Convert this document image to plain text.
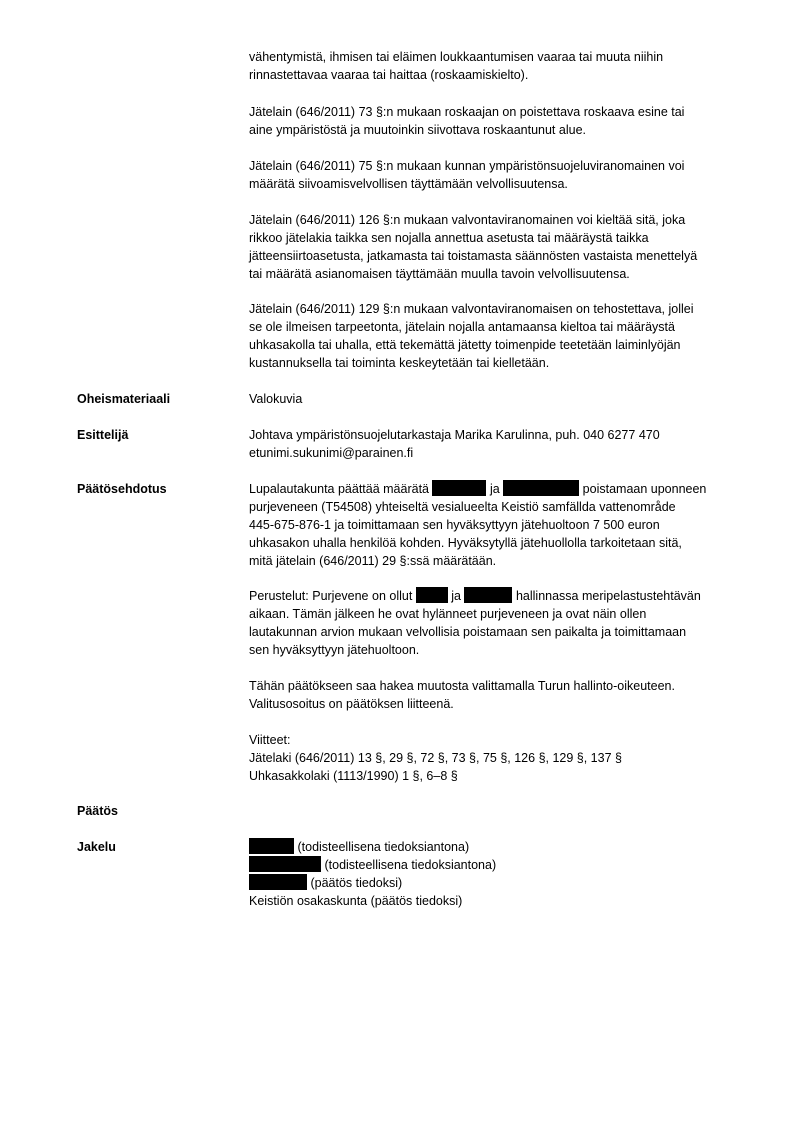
vähentymistä, ihmisen tai eläimen loukkaantumisen vaaraa tai muuta niihin
rinnastettavaa vaaraa tai haittaa (roskaamiskielto).
Jätelain (646/2011) 73 §:n mukaan roskaajan on poistettava roskaava esine tai
aine ympäristöstä ja muutoinkin siivottava roskaantunut alue.
Jätelain (646/2011) 75 §:n mukaan kunnan ympäristönsuojeluviranomainen voi
määrätä siivoamisvelvollisen täyttämään velvollisuutensa.
Jätelain (646/2011) 126 §:n mukaan valvontaviranomainen voi kieltää sitä, joka
rikkoo jätelakia taikka sen nojalla annettua asetusta tai määräystä taikka
jätteensiirtoasetusta, jatkamasta tai toistamasta säännösten vastaista menettelyä
tai määrätä asianomaisen täyttämään muulla tavoin velvollisuutensa.
Jätelain (646/2011) 129 §:n mukaan valvontaviranomaisen on tehostettava, jollei
se ole ilmeisen tarpeetonta, jätelain nojalla antamaansa kieltoa tai määräystä
uhkasakolla tai uhalla, että tekemättä jätetty toimenpide teetetään laiminlyöjän
kustannuksella tai toiminta keskeytetään tai kielletään.
Oheismateriaali	Valokuvia
Esittelijä	Johtava ympäristönsuojelutarkastaja Marika Karulinna, puh. 040 6277 470
etunimi.sukunimi@parainen.fi
Päätösehdotus	Lupalautakunta päättää määrätä	ja	poistamaan uponneen
purjeveneen (T54508) yhteiseltä vesialueelta Keistiö samfällda vattenområde
445-675-876-1 ja toimittamaan sen hyväksyttyyn jätehuoltoon 7 500 euron
uhkasakon uhalla henkilöä kohden. Hyväksytyllä jätehuollolla tarkoitetaan sitä,
mitä jätelain (646/2011) 29 §:ssä määrätään.
Perustelut: Purjevene on ollut	ja	hallinnassa meripelastustehtävän
aikaan. Tämän jälkeen he ovat hylänneet purjeveneen ja ovat näin ollen
lautakunnan arvion mukaan velvollisia poistamaan sen paikalta ja toimittamaan
sen hyväksyttyyn jätehuoltoon.
Tähän päätökseen saa hakea muutosta valittamalla Turun hallinto-oikeuteen.
Valitusosoitus on päätöksen liitteenä.
Viitteet:
Jätelaki (646/2011) 13 §, 29 §, 72 §, 73 §, 75 §, 126 §, 129 §, 137 §
Uhkasakkolaki (1113/1990) 1 §, 6–8 §
Päätös
Jakelu	(todisteellisena tiedoksiantona)
(todisteellisena tiedoksiantona)
(päätös tiedoksi)
Keistiön osakaskunta (päätös tiedoksi)
